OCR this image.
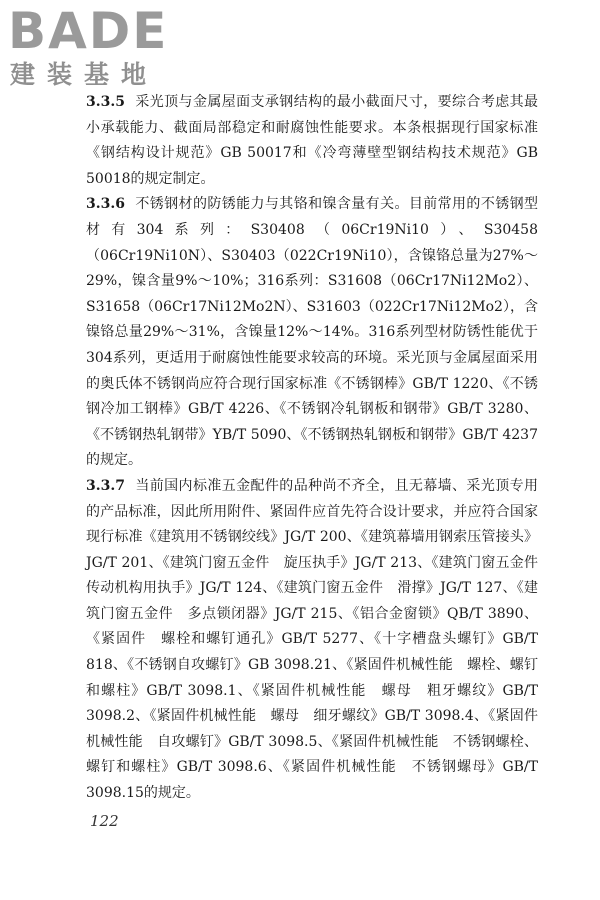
BADE
建装基地

3.3.5 采光顶与金属屋面支承钢结构的最小截面尺寸，要综合考虑其最小承载能力、截面局部稳定和耐腐蚀性能要求。本条根据现行国家标准《钢结构设计规范》GB 50017和《冷弯薄壁型钢结构技术规范》GB 50018的规定制定。

3.3.6 不锈钢材的防锈能力与其铬和镍含量有关。目前常用的不锈钢型材有304系列：S30408（06Cr19Ni10）、S30458（06Cr19Ni10N）、S30403（022Cr19Ni10），含镍铬总量为27%～29%，镍含量9%～10%；316系列：S31608（06Cr17Ni12Mo2）、S31658（06Cr17Ni12Mo2N）、S31603（022Cr17Ni12Mo2），含镍铬总量29%～31%，含镍量12%～14%。316系列型材防锈性能优于304系列，更适用于耐腐蚀性能要求较高的环境。采光顶与金属屋面采用的奥氏体不锈钢尚应符合现行国家标准《不锈钢棒》GB/T 1220、《不锈钢冷加工钢棒》GB/T 4226、《不锈钢冷轧钢板和钢带》GB/T 3280、《不锈钢热轧钢带》YB/T 5090、《不锈钢热轧钢板和钢带》GB/T 4237的规定。

3.3.7 当前国内标准五金配件的品种尚不齐全，且无幕墙、采光顶专用的产品标准，因此所用附件、紧固件应首先符合设计要求，并应符合国家现行标准《建筑用不锈钢绞线》JG/T 200、《建筑幕墙用钢索压管接头》JG/T 201、《建筑门窗五金件　旋压执手》JG/T 213、《建筑门窗五金件　传动机构用执手》JG/T 124、《建筑门窗五金件　滑撑》JG/T 127、《建筑门窗五金件　多点锁闭器》JG/T 215、《铝合金窗锁》QB/T 3890、《紧固件　螺栓和螺钉通孔》GB/T 5277、《十字槽盘头螺钉》GB/T 818、《不锈钢自攻螺钉》GB 3098.21、《紧固件机械性能　螺栓、螺钉和螺柱》GB/T 3098.1、《紧固件机械性能　螺母　粗牙螺纹》GB/T 3098.2、《紧固件机械性能　螺母　细牙螺纹》GB/T 3098.4、《紧固件机械性能　自攻螺钉》GB/T 3098.5、《紧固件机械性能　不锈钢螺栓、螺钉和螺柱》GB/T 3098.6、《紧固件机械性能　不锈钢螺母》GB/T 3098.15的规定。

122
